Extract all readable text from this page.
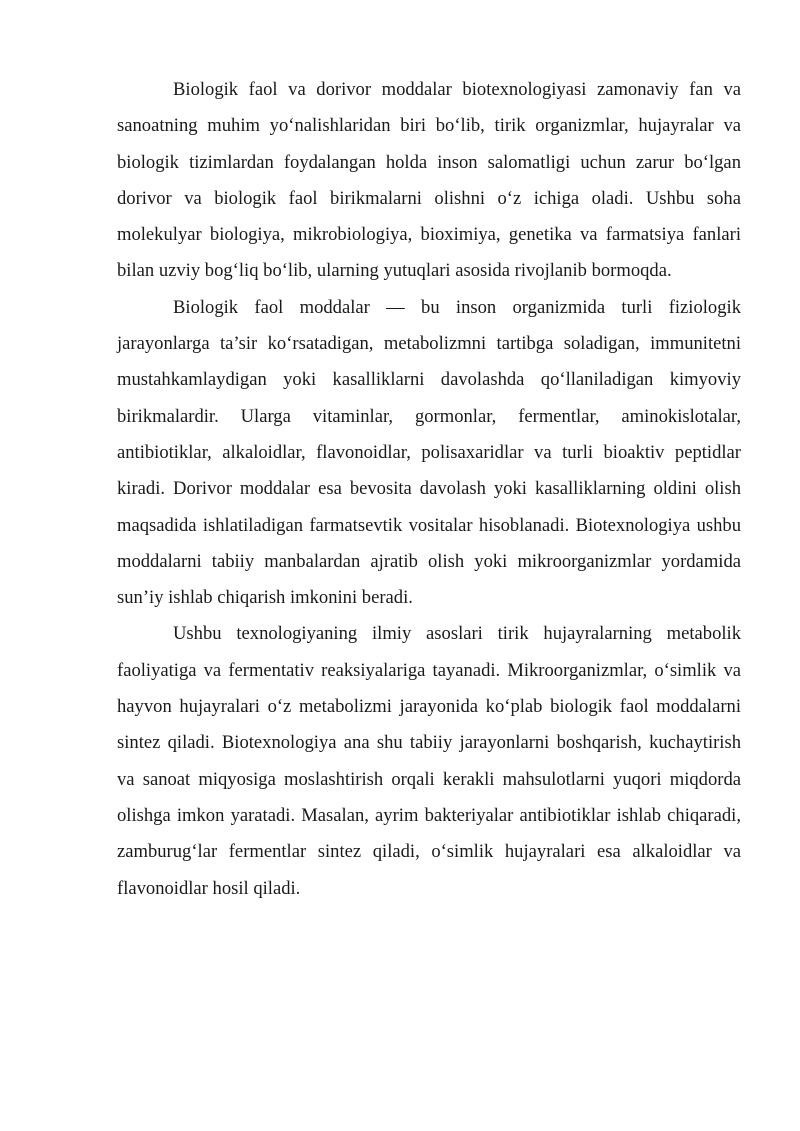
Biologik faol va dorivor moddalar biotexnologiyasi zamonaviy fan va sanoatning muhim yo‘nalishlaridan biri bo‘lib, tirik organizmlar, hujayralar va biologik tizimlardan foydalangan holda inson salomatligi uchun zarur bo‘lgan dorivor va biologik faol birikmalarni olishni o‘z ichiga oladi. Ushbu soha molekulyar biologiya, mikrobiologiya, bioximiya, genetika va farmatsiya fanlari bilan uzviy bog‘liq bo‘lib, ularning yutuqlari asosida rivojlanib bormoqda.

Biologik faol moddalar — bu inson organizmida turli fiziologik jarayonlarga ta’sir ko‘rsatadigan, metabolizmni tartibga soladigan, immunitetni mustahkamlaydigan yoki kasalliklarni davolashda qo‘llaniladigan kimyoviy birikmalardir. Ularga vitaminlar, gormonlar, fermentlar, aminokislotalar, antibiotiklar, alkaloidlar, flavonoidlar, polisaxaridlar va turli bioaktiv peptidlar kiradi. Dorivor moddalar esa bevosita davolash yoki kasalliklarning oldini olish maqsadida ishlatiladigan farmatsevtik vositalar hisoblanadi. Biotexnologiya ushbu moddalarni tabiiy manbalardan ajratib olish yoki mikroorganizmlar yordamida sun’iy ishlab chiqarish imkonini beradi.

Ushbu texnologiyaning ilmiy asoslari tirik hujayralarning metabolik faoliyatiga va fermentativ reaksiyalariga tayanadi. Mikroorganizmlar, o‘simlik va hayvon hujayralari o‘z metabolizmi jarayonida ko‘plab biologik faol moddalarni sintez qiladi. Biotexnologiya ana shu tabiiy jarayonlarni boshqarish, kuchaytirish va sanoat miqyosiga moslashtirish orqali kerakli mahsulotlarni yuqori miqdorda olishga imkon yaratadi. Masalan, ayrim bakteriyalar antibiotiklar ishlab chiqaradi, zamburug‘lar fermentlar sintez qiladi, o‘simlik hujayralari esa alkaloidlar va flavonoidlar hosil qiladi.
